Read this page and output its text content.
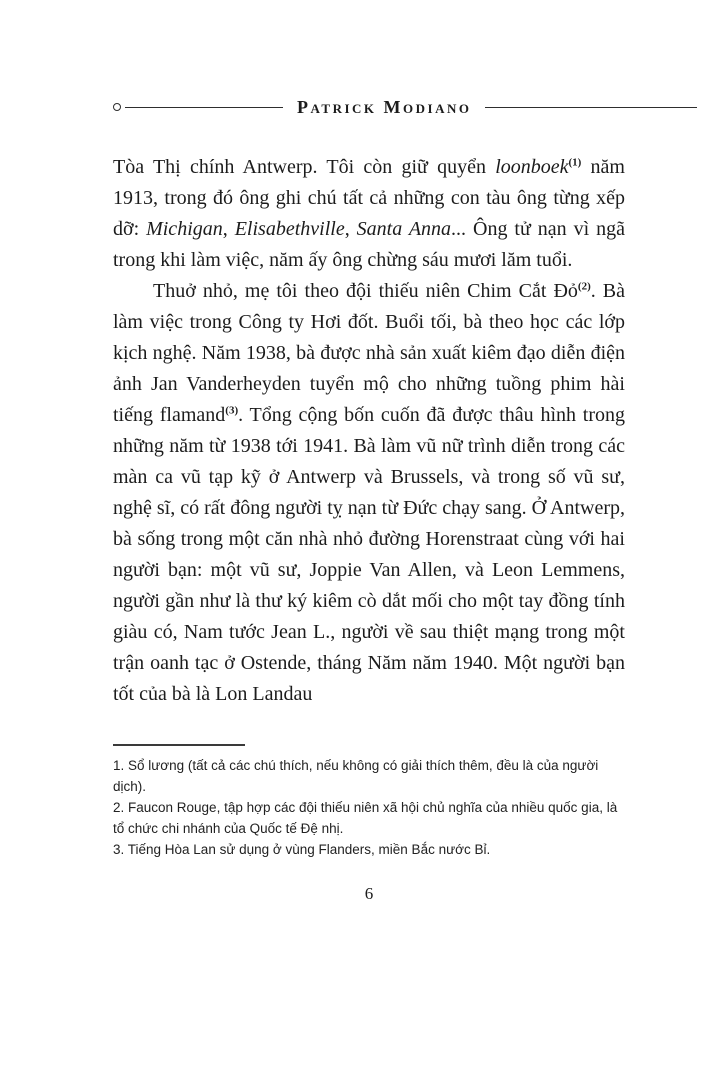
Patrick Modiano

Tòa Thị chính Antwerp. Tôi còn giữ quyển loonboek$^{(1)}$ năm 1913, trong đó ông ghi chú tất cả những con tàu ông từng xếp dỡ: Michigan, Elisabethville, Santa Anna... Ông tử nạn vì ngã trong khi làm việc, năm ấy ông chừng sáu mươi lăm tuổi.

Thuở nhỏ, mẹ tôi theo đội thiếu niên Chim Cắt Đỏ$^{(2)}$. Bà làm việc trong Công ty Hơi đốt. Buổi tối, bà theo học các lớp kịch nghệ. Năm 1938, bà được nhà sản xuất kiêm đạo diễn điện ảnh Jan Vanderheyden tuyển mộ cho những tuồng phim hài tiếng flamand$^{(3)}$. Tổng cộng bốn cuốn đã được thâu hình trong những năm từ 1938 tới 1941. Bà làm vũ nữ trình diễn trong các màn ca vũ tạp kỹ ở Antwerp và Brussels, và trong số vũ sư, nghệ sĩ, có rất đông người tỵ nạn từ Đức chạy sang. Ở Antwerp, bà sống trong một căn nhà nhỏ đường Horenstraat cùng với hai người bạn: một vũ sư, Joppie Van Allen, và Leon Lemmens, người gần như là thư ký kiêm cò dắt mối cho một tay đồng tính giàu có, Nam tước Jean L., người về sau thiệt mạng trong một trận oanh tạc ở Ostende, tháng Năm năm 1940. Một người bạn tốt của bà là Lon Landau

1. Sổ lương (tất cả các chú thích, nếu không có giải thích thêm, đều là của người dịch).

2. Faucon Rouge, tập hợp các đội thiếu niên xã hội chủ nghĩa của nhiều quốc gia, là tổ chức chi nhánh của Quốc tế Đệ nhị.

3. Tiếng Hòa Lan sử dụng ở vùng Flanders, miền Bắc nước Bỉ.

6
